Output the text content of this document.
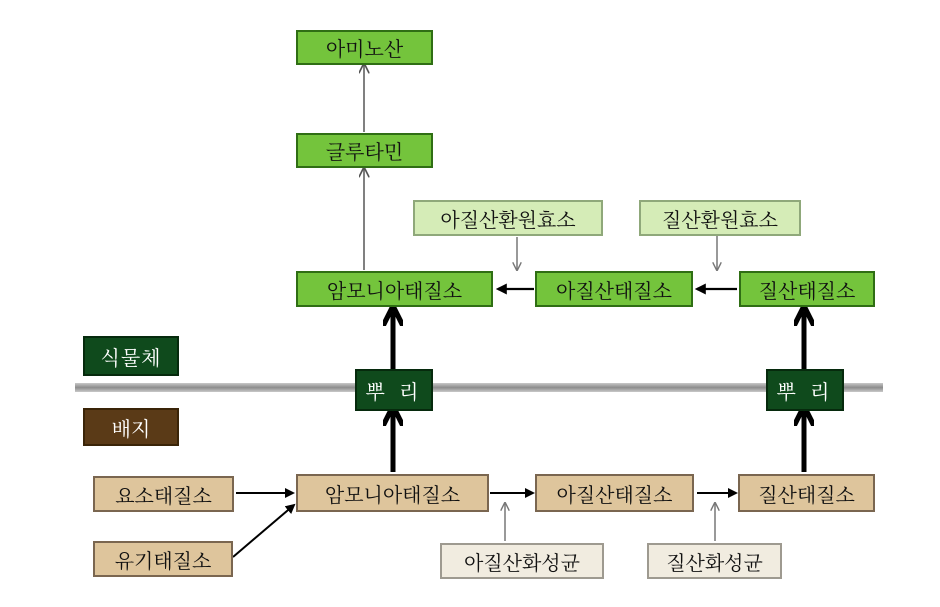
아미노산
글루타민
아질산환원효소	질산환원효소
암모니아태질소	아질산태질소	질산태질소
식물체
배지
뿌 리	뿌 리
요소태질소	암모니아태질소	아질산태질소	질산태질소
유기태질소	아질산화성균	질산화성균
